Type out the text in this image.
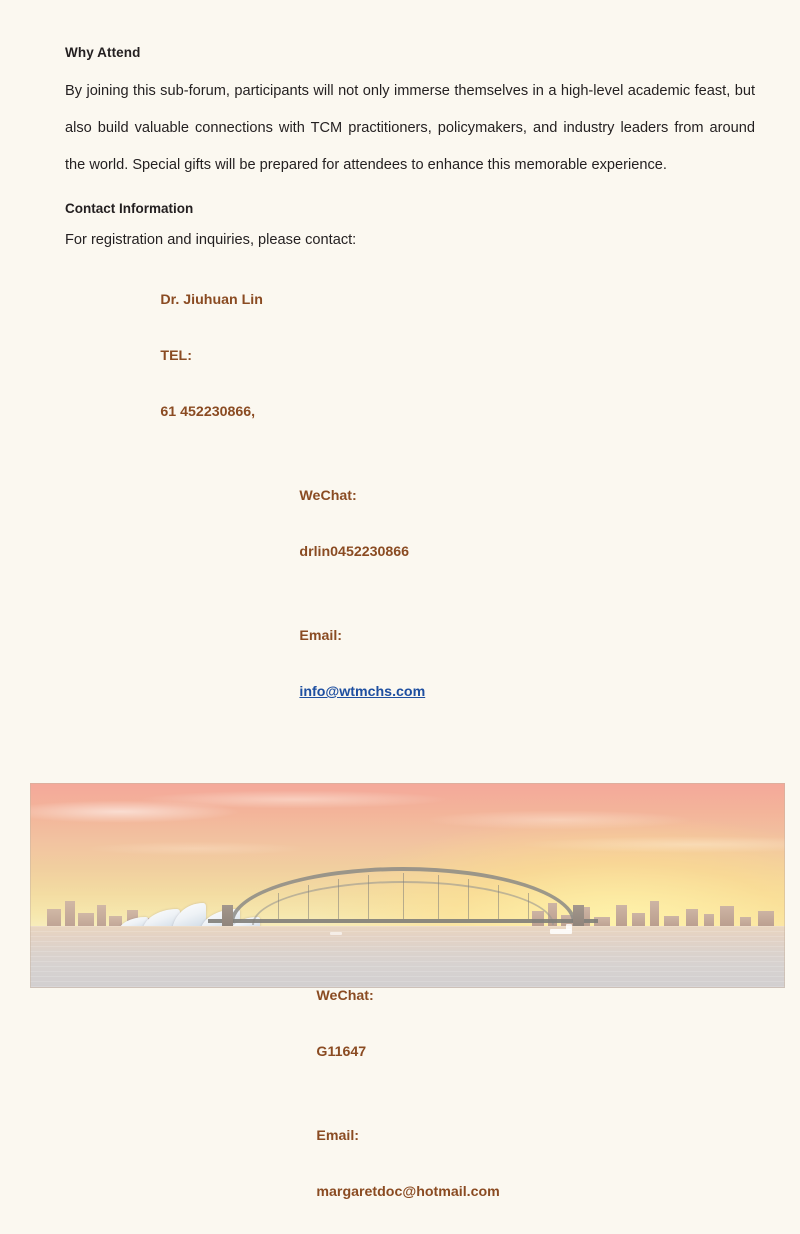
Why Attend

By joining this sub-forum, participants will not only immerse themselves in a high-level academic feast, but also build valuable connections with TCM practitioners, policymakers, and industry leaders from around the world. Special gifts will be prepared for attendees to enhance this memorable experience.

Contact Information

For registration and inquiries, please contact:

Dr. Jiuhuan Lin

TEL:

61 452230866,

WeChat:

drlin0452230866

Email:

info@wtmchs.com

WeChat:

G11647

Email:

margaretdoc@hotmail.com
